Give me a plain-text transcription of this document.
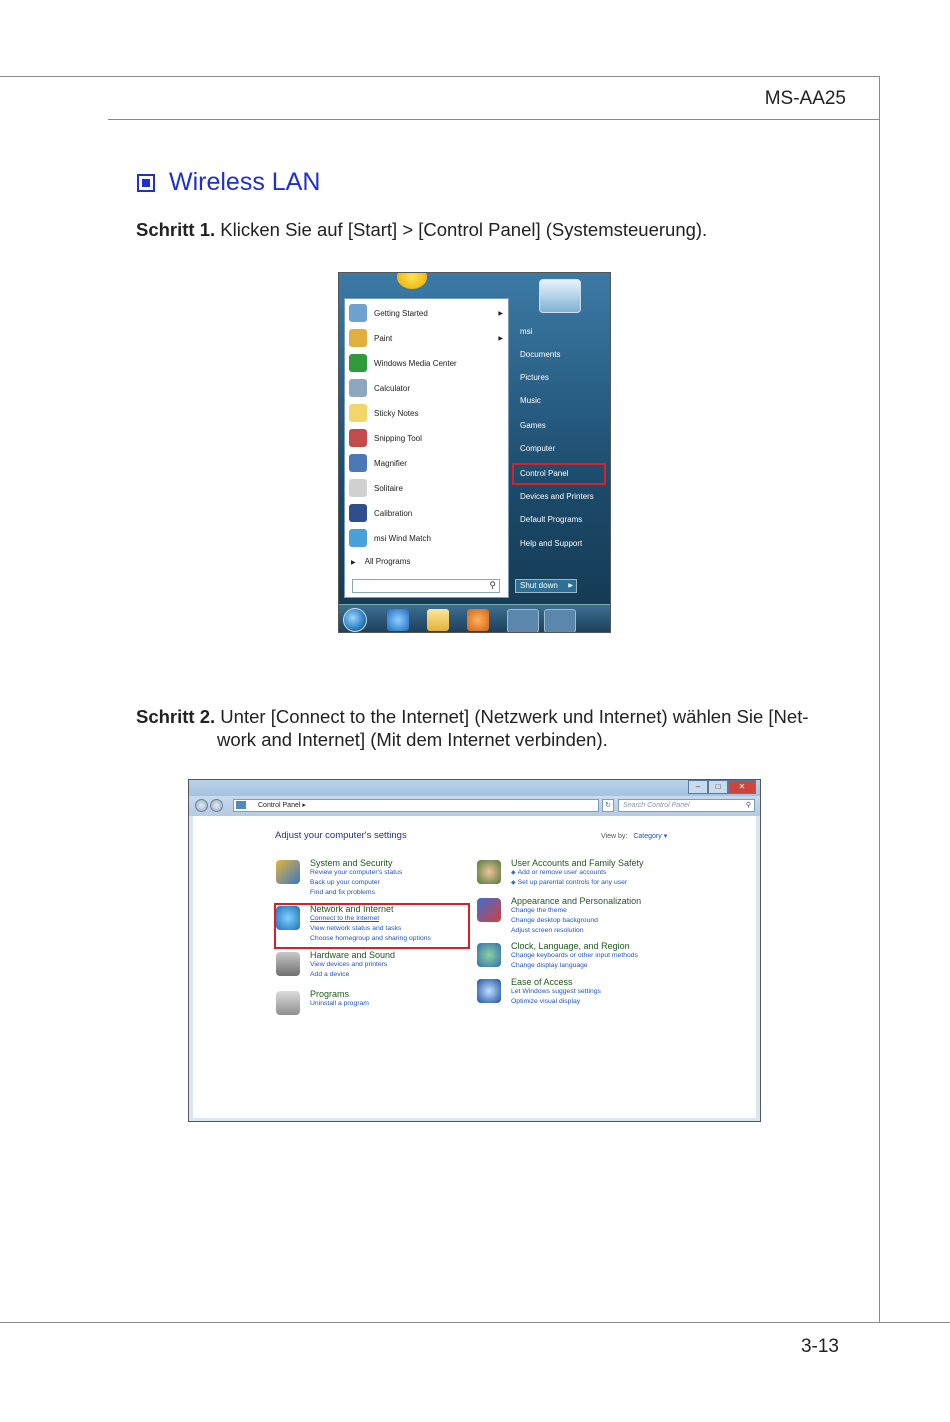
MS-AA25
3-13
Wireless LAN
Schritt 1. Klicken Sie auf [Start] > [Control Panel] (Systemsteuerung).
▶ All Programs
⚲
Getting Started	▶
Paint	▶
Windows Media Center
Calculator
Sticky Notes
Snipping Tool
Magnifier
Solitaire
Calibration
msi Wind Match
msi
Documents
Pictures
Music
Games
Computer
Control Panel
Devices and Printers
Default Programs
Help and Support
Shut down ▶
Schritt 2. Unter [Connect to the Internet] (Netzwerk und Internet) wählen Sie [Net-
work and Internet] (Mit dem Internet verbinden).
–	□	✕
Control Panel ▸	↻	Search Control Panel	⚲
Adjust your computer's settings	View by: Category ▾
System and Security
Review your computer's status
Back up your computer
Find and fix problems
Network and Internet
Connect to the Internet
View network status and tasks
Choose homegroup and sharing options
Hardware and Sound
View devices and printers
Add a device
Programs
Uninstall a program
User Accounts and Family Safety
◆ Add or remove user accounts
◆ Set up parental controls for any user
Appearance and Personalization
Change the theme
Change desktop background
Adjust screen resolution
Clock, Language, and Region
Change keyboards or other input methods
Change display language
Ease of Access
Let Windows suggest settings
Optimize visual display
